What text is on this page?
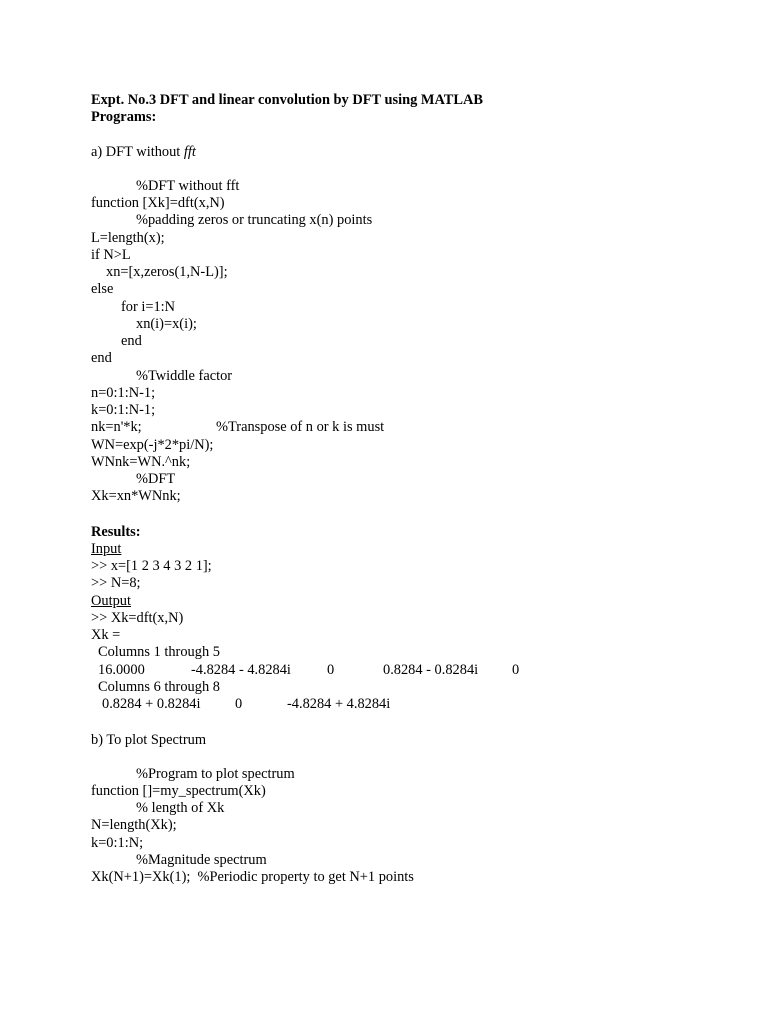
Expt. No.3 DFT and linear convolution by DFT using MATLAB

Programs:

a) DFT without fft

%DFT without fft

function [Xk]=dft(x,N)

%padding zeros or truncating x(n) points

L=length(x);

if N>L

xn=[x,zeros(1,N-L)];

else

for i=1:N

xn(i)=x(i);

end

end

%Twiddle factor

n=0:1:N-1;

k=0:1:N-1;

nk=n'*k;	%Transpose of n or k is must

WN=exp(-j*2*pi/N);

WNnk=WN.^nk;

%DFT

Xk=xn*WNnk;

Results:

Input

>> x=[1 2 3 4 3 2 1];

>> N=8;

Output

>> Xk=dft(x,N)

Xk =

Columns 1 through 5

16.0000	-4.8284 - 4.8284i	0	0.8284 - 0.8284i 0

Columns 6 through 8

0.8284 + 0.8284i 0	-4.8284 + 4.8284i

b) To plot Spectrum

%Program to plot spectrum

function []=my_spectrum(Xk)

% length of Xk

N=length(Xk);

k=0:1:N;

%Magnitude spectrum

Xk(N+1)=Xk(1);  %Periodic property to get N+1 points
